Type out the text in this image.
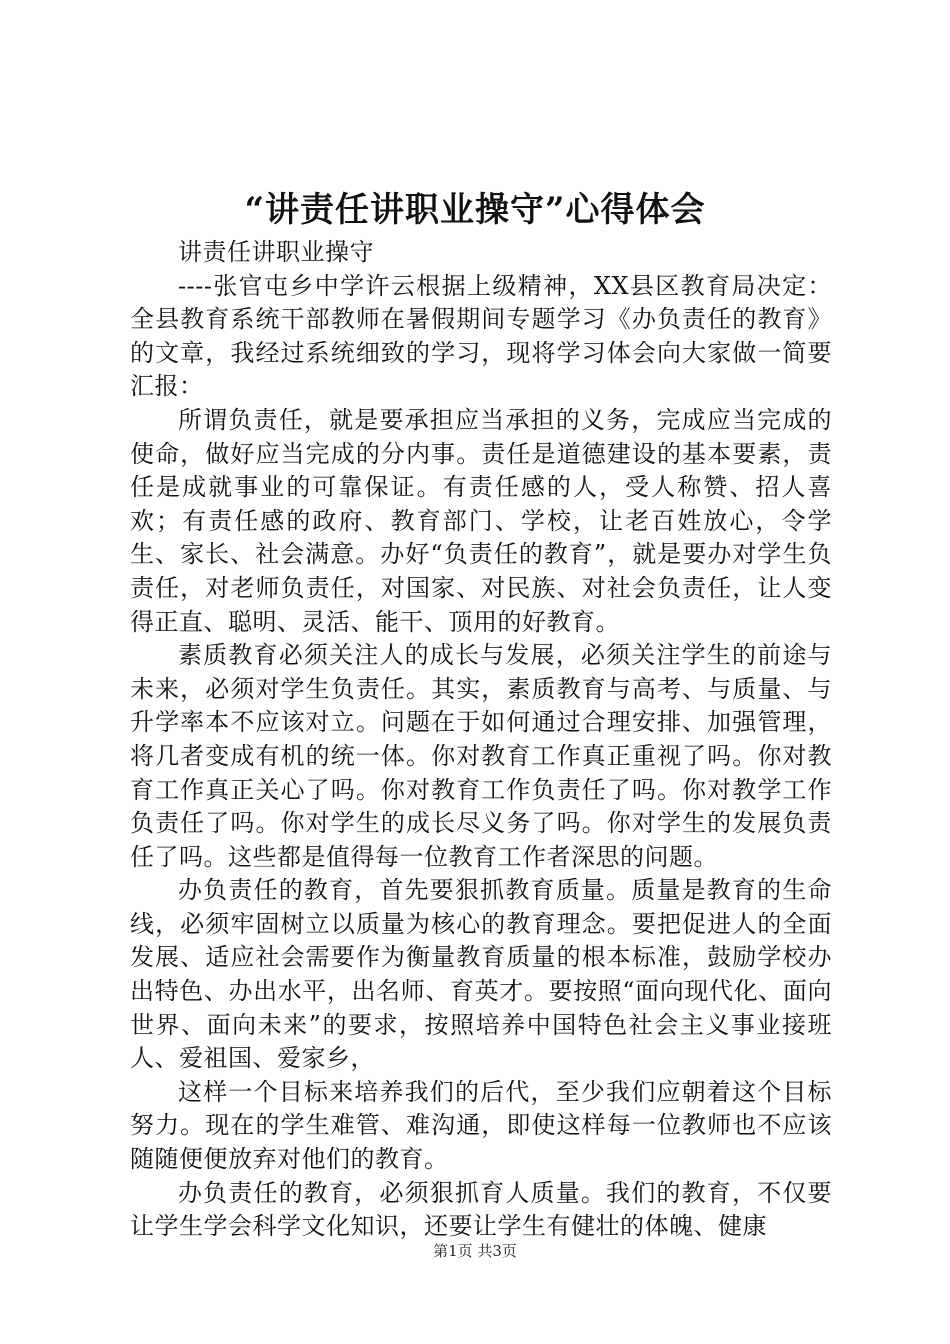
“讲责任讲职业操守”心得体会

讲责任讲职业操守

----张官屯乡中学许云根据上级精神，XX县区教育局决定：全县教育系统干部教师在暑假期间专题学习《办负责任的教育》的文章，我经过系统细致的学习，现将学习体会向大家做一简要汇报：

所谓负责任，就是要承担应当承担的义务，完成应当完成的使命，做好应当完成的分内事。责任是道德建设的基本要素，责任是成就事业的可靠保证。有责任感的人，受人称赞、招人喜欢；有责任感的政府、教育部门、学校，让老百姓放心，令学生、家长、社会满意。办好“负责任的教育”，就是要办对学生负责任，对老师负责任，对国家、对民族、对社会负责任，让人变得正直、聪明、灵活、能干、顶用的好教育。

素质教育必须关注人的成长与发展，必须关注学生的前途与未来，必须对学生负责任。其实，素质教育与高考、与质量、与升学率本不应该对立。问题在于如何通过合理安排、加强管理，将几者变成有机的统一体。你对教育工作真正重视了吗。你对教育工作真正关心了吗。你对教育工作负责任了吗。你对教学工作负责任了吗。你对学生的成长尽义务了吗。你对学生的发展负责任了吗。这些都是值得每一位教育工作者深思的问题。

办负责任的教育，首先要狠抓教育质量。质量是教育的生命线，必须牢固树立以质量为核心的教育理念。要把促进人的全面发展、适应社会需要作为衡量教育质量的根本标准，鼓励学校办出特色、办出水平，出名师、育英才。要按照“面向现代化、面向世界、面向未来”的要求，按照培养中国特色社会主义事业接班人、爱祖国、爱家乡，

这样一个目标来培养我们的后代，至少我们应朝着这个目标努力。现在的学生难管、难沟通，即使这样每一位教师也不应该随随便便放弃对他们的教育。

办负责任的教育，必须狠抓育人质量。我们的教育，不仅要让学生学会科学文化知识，还要让学生有健壮的体魄、健康

第1页 共3页
